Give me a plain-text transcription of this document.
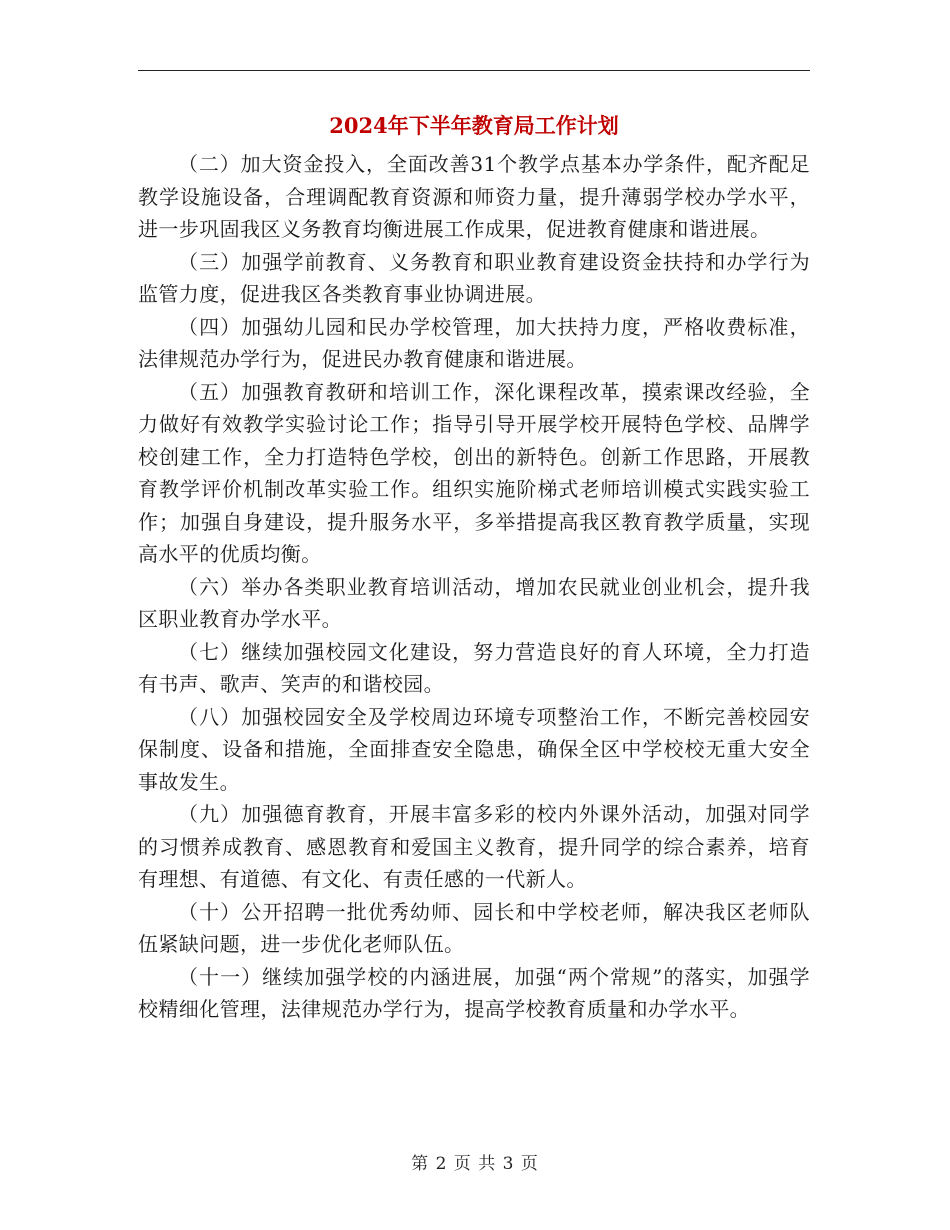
2024年下半年教育局工作计划

（二）加大资金投入，全面改善31个教学点基本办学条件，配齐配足教学设施设备，合理调配教育资源和师资力量，提升薄弱学校办学水平，进一步巩固我区义务教育均衡进展工作成果，促进教育健康和谐进展。

（三）加强学前教育、义务教育和职业教育建设资金扶持和办学行为监管力度，促进我区各类教育事业协调进展。

（四）加强幼儿园和民办学校管理，加大扶持力度，严格收费标准，法律规范办学行为，促进民办教育健康和谐进展。

（五）加强教育教研和培训工作，深化课程改革，摸索课改经验，全力做好有效教学实验讨论工作；指导引导开展学校开展特色学校、品牌学校创建工作，全力打造特色学校，创出的新特色。创新工作思路，开展教育教学评价机制改革实验工作。组织实施阶梯式老师培训模式实践实验工作；加强自身建设，提升服务水平，多举措提高我区教育教学质量，实现高水平的优质均衡。

（六）举办各类职业教育培训活动，增加农民就业创业机会，提升我区职业教育办学水平。

（七）继续加强校园文化建设，努力营造良好的育人环境，全力打造有书声、歌声、笑声的和谐校园。

（八）加强校园安全及学校周边环境专项整治工作，不断完善校园安保制度、设备和措施，全面排查安全隐患，确保全区中学校校无重大安全事故发生。

（九）加强德育教育，开展丰富多彩的校内外课外活动，加强对同学的习惯养成教育、感恩教育和爱国主义教育，提升同学的综合素养，培育有理想、有道德、有文化、有责任感的一代新人。

（十）公开招聘一批优秀幼师、园长和中学校老师，解决我区老师队伍紧缺问题，进一步优化老师队伍。

（十一）继续加强学校的内涵进展，加强“两个常规”的落实，加强学校精细化管理，法律规范办学行为，提高学校教育质量和办学水平。

第 2 页 共 3 页
